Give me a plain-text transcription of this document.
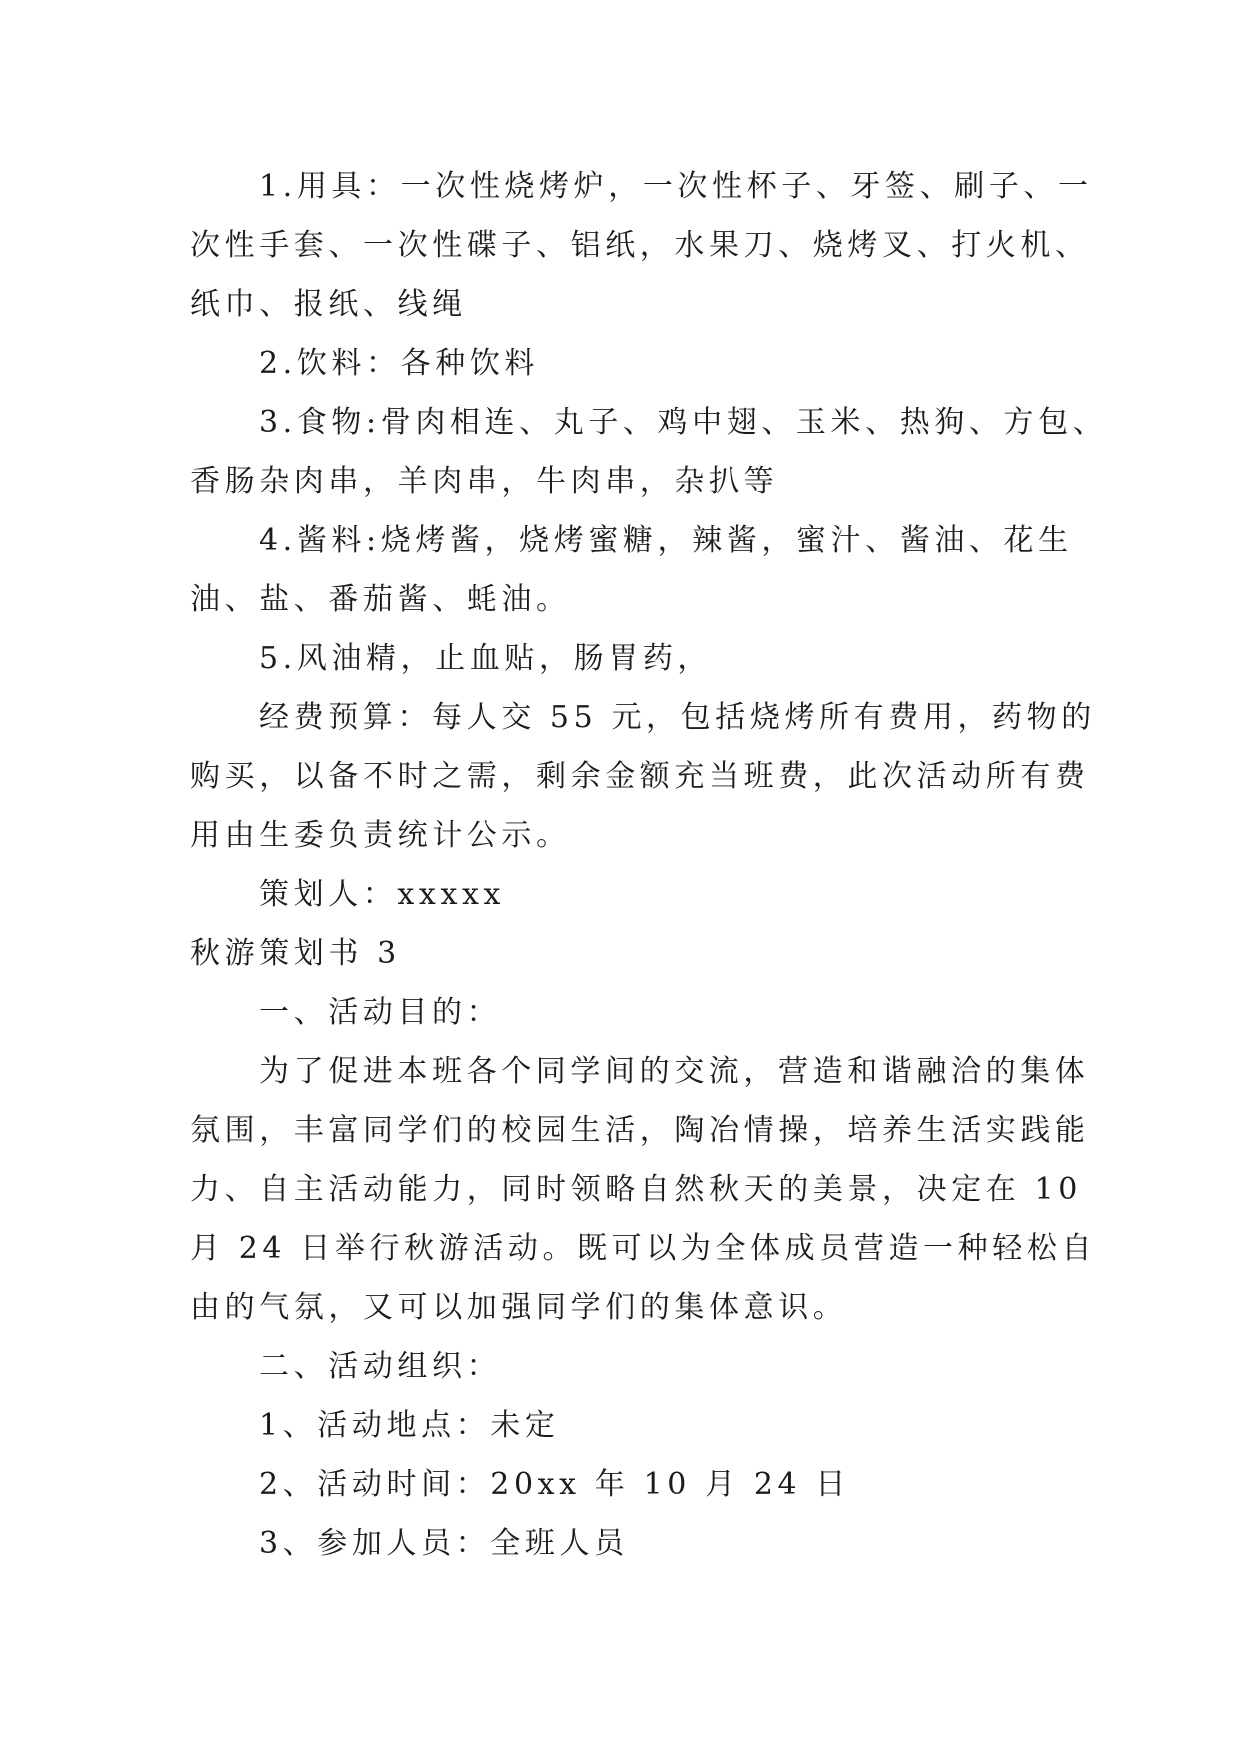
1.用具：一次性烧烤炉，一次性杯子、牙签、刷子、一
次性手套、一次性碟子、铝纸，水果刀、烧烤叉、打火机、
纸巾、报纸、线绳
2.饮料：各种饮料
3.食物:骨肉相连、丸子、鸡中翅、玉米、热狗、方包、
香肠杂肉串，羊肉串，牛肉串，杂扒等
4.酱料:烧烤酱，烧烤蜜糖，辣酱，蜜汁、酱油、花生
油、盐、番茄酱、蚝油。
5.风油精，止血贴，肠胃药，
经费预算：每人交 55 元，包括烧烤所有费用，药物的
购买，以备不时之需，剩余金额充当班费，此次活动所有费
用由生委负责统计公示。
策划人：xxxxx
秋游策划书 3
一、活动目的：
为了促进本班各个同学间的交流，营造和谐融洽的集体
氛围，丰富同学们的校园生活，陶冶情操，培养生活实践能
力、自主活动能力，同时领略自然秋天的美景，决定在 10
月 24 日举行秋游活动。既可以为全体成员营造一种轻松自
由的气氛，又可以加强同学们的集体意识。
二、活动组织：
1、活动地点：未定
2、活动时间：20xx 年 10 月 24 日
3、参加人员：全班人员
